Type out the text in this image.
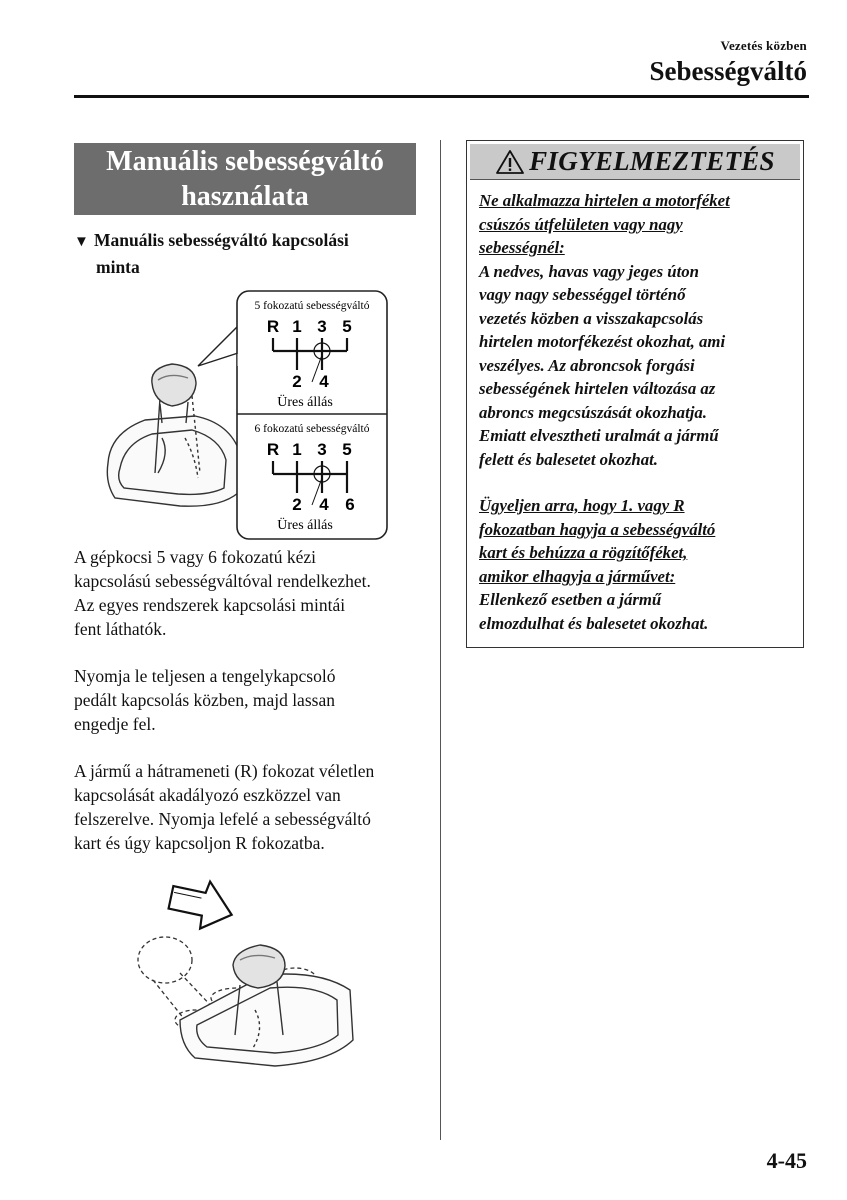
Vezetés közben
Sebességváltó
Manuális sebességváltó
használata
▼ Manuális sebességváltó kapcsolási
minta
5 fokozatú sebességváltó
R 1 3 5
2 4
Üres állás
6 fokozatú sebességváltó
R 1 3 5
2 4 6
Üres állás

A gépkocsi 5 vagy 6 fokozatú kézi

kapcsolású sebességváltóval rendelkezhet.

Az egyes rendszerek kapcsolási mintái

fent láthatók.

Nyomja le teljesen a tengelykapcsoló

pedált kapcsolás közben, majd lassan

engedje fel.

A jármű a hátrameneti (R) fokozat véletlen

kapcsolását akadályozó eszközzel van

felszerelve. Nyomja lefelé a sebességváltó

kart és úgy kapcsoljon R fokozatba.

FIGYELMEZTETÉS
Ne alkalmazza hirtelen a motorféket
csúszós útfelületen vagy nagy
sebességnél:
A nedves, havas vagy jeges úton
vagy nagy sebességgel történő
vezetés közben a visszakapcsolás
hirtelen motorfékezést okozhat, ami
veszélyes. Az abroncsok forgási
sebességének hirtelen változása az
abroncs megcsúszását okozhatja.
Emiatt elvesztheti uralmát a jármű
felett és balesetet okozhat.
Ügyeljen arra, hogy 1. vagy R
fokozatban hagyja a sebességváltó
kart és behúzza a rögzítőféket,
amikor elhagyja a járművet:
Ellenkező esetben a jármű
elmozdulhat és balesetet okozhat.
4-45
